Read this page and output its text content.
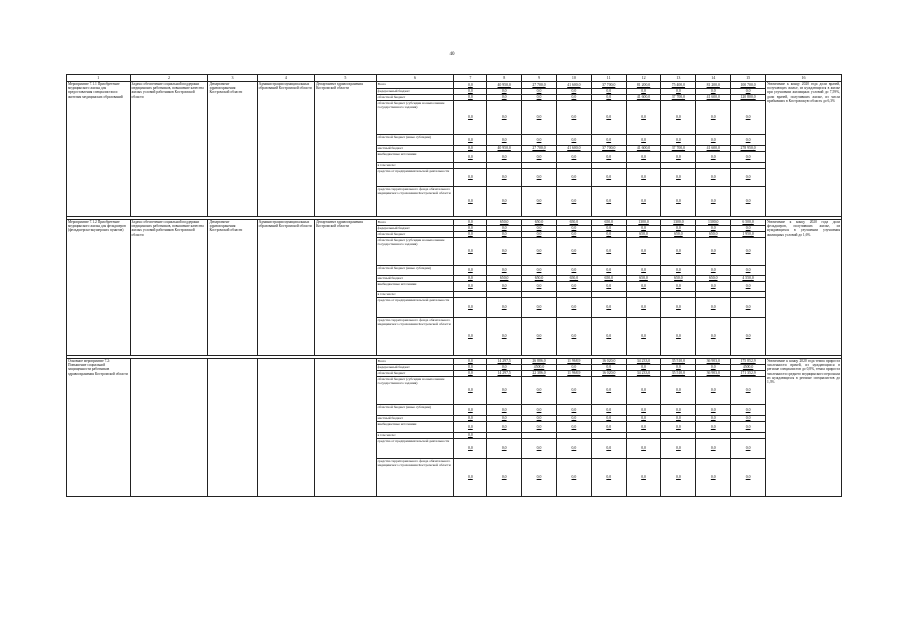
40
1	2	3	4	5	6	7	8	9	10	11	12	13	14	15	16
Мероприятие 7.1.1 Приобретение медицинского жилья для предоставления специалистам и жителям медицинских образований	Задача: обеспечение социальной поддержки медицинских работников, повышение качества жилых условий работников Костромской области	Департамент здравоохранения Костромской области	Администрации муниципальных образований Костромской области	Департамент здравоохранения Костромской области	Всего	0,0	40 950,0	27 700,0	41 600,0	37 700,0	81 200,0	75 400,0	81 200,0	100 700,0	Увеличение к концу 2020 года доли врачей, получающих жилье, из нуждающихся в жилье при улучшении жилищных условий до 7,59%, доли врачей, получивших жилье, из числа прибывших в Костромскую область до 6,3%
					федеральный бюджет	0,0	0,0	0,0	0,0	0,0	0,0	0,0	0,0	0,0	
					областной бюджет	0,0	0,0	0,0	0,0	0,0	41 600,0	37 700,0	41 600,0	120 800,0	
					областной бюджет (субсидии на выполнение государственного задания)	0,0	0,0	0,0	0,0	0,0	0,0	0,0	0,0	0,0	
					областной бюджет (иные субсидии)	0,0	0,0	0,0	0,0	0,0	0,0	0,0	0,0	0,0	
					местный бюджет	0,0	40 950,0	27 700,0	41 600,0	37 700,0	41 600,0	37 700,0	41 600,0	278 950,0	
					внебюджетные источники	0,0	0,0	0,0	0,0	0,0	0,0	0,0	0,0	0,0	
					в том числе:										
					средства от предпринимательской деятельности	0,0	0,0	0,0	0,0	0,0	0,0	0,0	0,0	0,0	
					средства территориального фонда обязательного медицинского страхования Костромской области	0,0	0,0	0,0	0,0	0,0	0,0	0,0	0,0	0,0	

Мероприятие 7.1.2 Приобретение медицинского жилья для фельдшеров (фельдшерско-акушерских пунктов)	Задача: обеспечение социальной поддержки медицинских работников, повышение качества жилых условий работников Костромской области	Департамент здравоохранения Костромской области	Администрации муниципальных образований Костромской области	Департамент здравоохранения Костромской области	Всего	0,0	650,0	650,0	650,0	650,0	1300,0	1300,0	1300,0	6 500,0	Увеличение к концу 2020 года доли фельдшеров, получивших жилье, из нуждающихся в улучшении улучшения жилищных условий до 1,6%
					федеральный бюджет	0,0	0,0	0,0	0,0	0,0	0,0	0,0	0,0	0,0	
					областной бюджет	0,0	0,0	0,0	0,0	0,0	650,0	650,0	650,0	1 950,0	
					областной бюджет (субсидии на выполнение государственного задания)	0,0	0,0	0,0	0,0	0,0	0,0	0,0	0,0	0,0	
					областной бюджет (иные субсидии)	0,0	0,0	0,0	0,0	0,0	0,0	0,0	0,0	0,0	
					местный бюджет	0,0	650,0	650,0	650,0	650,0	650,0	650,0	650,0	4 550,0	
					внебюджетные источники	0,0	0,0	0,0	0,0	0,0	0,0	0,0	0,0	0,0	
					в том числе:										
					средства от предпринимательской деятельности	0,0	0,0	0,0	0,0	0,0	0,0	0,0	0,0	0,0	
					средства территориального фонда обязательного медицинского страхования Костромской области	0,0	0,0	0,0	0,0	0,0	0,0	0,0	0,0	0,0	

Основное мероприятие 7.2: Повышение социальной защищенности работников здравоохранения Костромской области					Всего	0,0	14 297,5	26 886,0	11 968,9	16 020,0	34 233,0	35 510,0	36 903,0	175 852,9	Увеличение к концу 2020 года темпа прироста численности врачей, из нуждающихся в регионе специалистов до 0,8%, темпа прироста численности среднего медицинского персонала из нуждающихся в регионе специалистов до 1,3%
					федеральный бюджет	0,0	0,0	4500,0	0,0	0,0	0,0	0,0	0,0	4500,0	
					областной бюджет	0,0	14 297,5	22 386,0	11 968,9	16 020,0	34 233,0	35 510,0	36 903,0	171 352,9	
					областной бюджет (субсидии на выполнение государственного задания)	0,0	0,0	0,0	0,0	0,0	0,0	0,0	0,0	0,0	
					областной бюджет (иные субсидии)	0,0	0,0	0,0	0,0	0,0	0,0	0,0	0,0	0,0	
					местный бюджет	0,0	0,0	0,0	0,0	0,0	0,0	0,0	0,0	0,0	
					внебюджетные источники	0,0	0,0	0,0	0,0	0,0	0,0	0,0	0,0	0,0	
					в том числе:	0,0									
					средства от предпринимательской деятельности	0,0	0,0	0,0	0,0	0,0	0,0	0,0	0,0	0,0	
					средства территориального фонда обязательного медицинского страхования Костромской области	0,0	0,0	0,0	0,0	0,0	0,0	0,0	0,0	0,0	
